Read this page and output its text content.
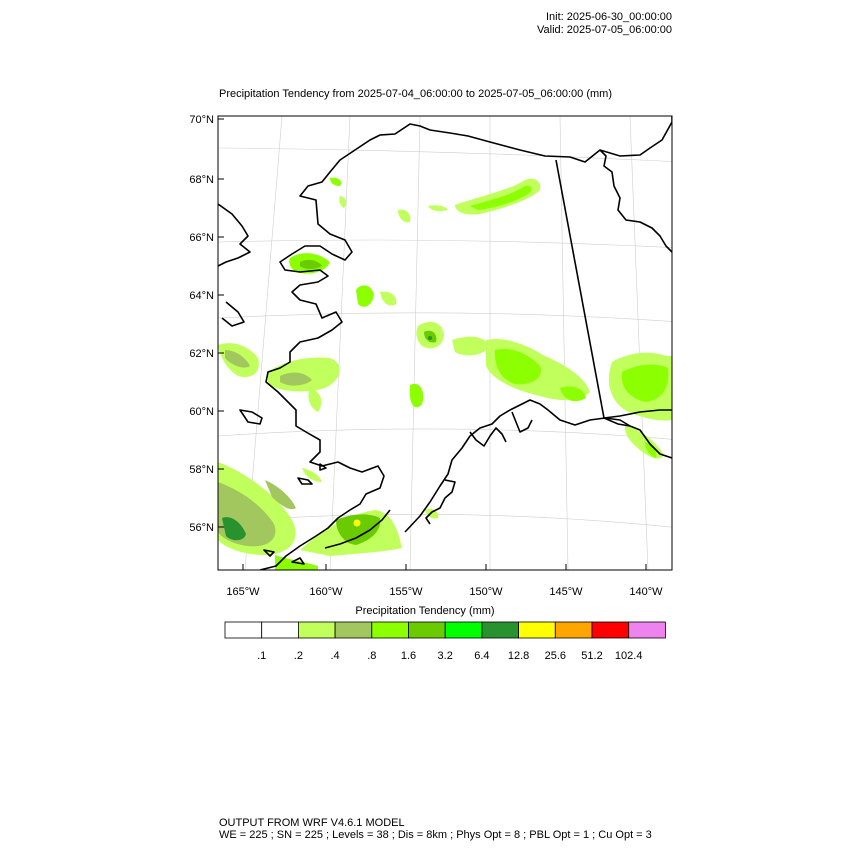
Init: 2025-06-30_00:00:00
Valid: 2025-07-05_06:00:00
Precipitation Tendency from 2025-07-04_06:00:00 to 2025-07-05_06:00:00 (mm)
70°N
68°N
66°N
64°N
62°N
60°N
58°N
56°N
165°W	160°W	155°W	150°W	145°W	140°W
.1	.2	.4	.8 1.6 3.2 6.4 12.8 25.6 51.2 102.4
Precipitation Tendency (mm)
OUTPUT FROM WRF V4.6.1 MODEL
WE = 225 ; SN = 225 ; Levels = 38 ; Dis = 8km ; Phys Opt = 8 ; PBL Opt = 1 ; Cu Opt = 3
